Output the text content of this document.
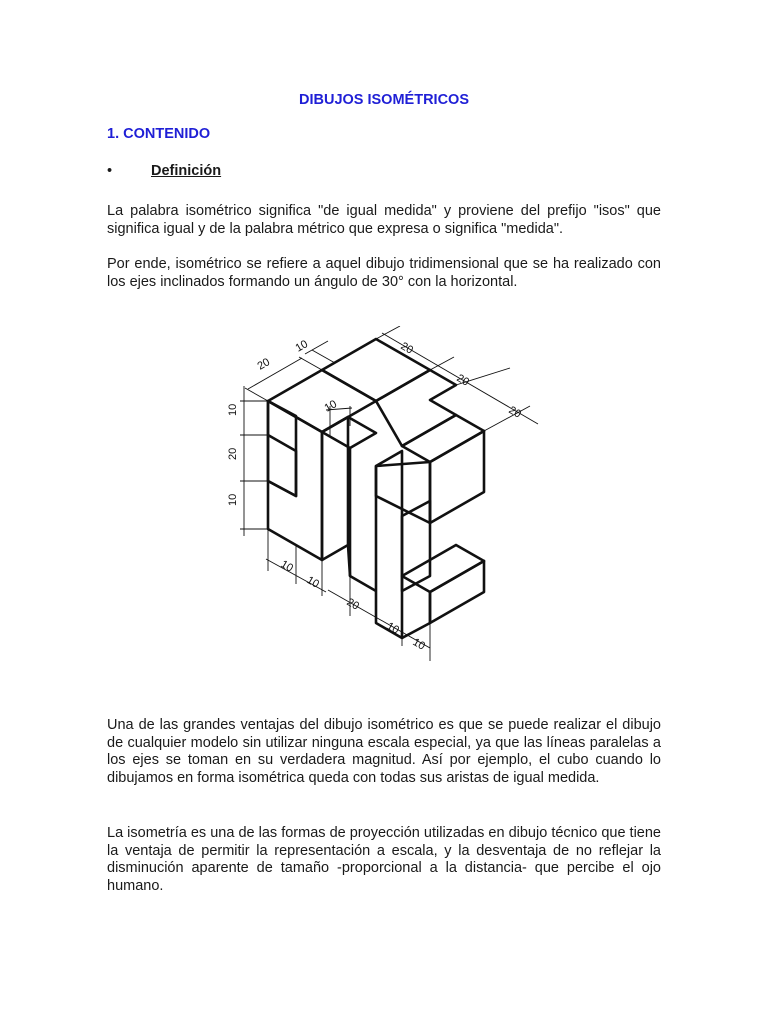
DIBUJOS ISOMÉTRICOS
1. CONTENIDO
•	Definición

La palabra isométrico significa "de igual medida" y proviene del prefijo "isos" que significa igual y de la palabra métrico que expresa o significa "medida".

Por ende, isométrico se refiere a aquel dibujo tridimensional que se ha realizado con los ejes inclinados formando un ángulo de 30° con la horizontal.

20
10	20
20
20
10
20
10
10
10
10
20
10
10

Una de las grandes ventajas del dibujo isométrico es que se puede realizar el dibujo de cualquier modelo sin utilizar ninguna escala especial, ya que las líneas paralelas a los ejes se toman en su verdadera magnitud. Así por ejemplo, el cubo cuando lo dibujamos en forma isométrica queda con todas sus aristas de igual medida.

La isometría es una de las formas de proyección utilizadas en dibujo técnico que tiene la ventaja de permitir la representación a escala, y la desventaja de no reflejar la disminución aparente de tamaño -proporcional a la distancia- que percibe el ojo humano.
